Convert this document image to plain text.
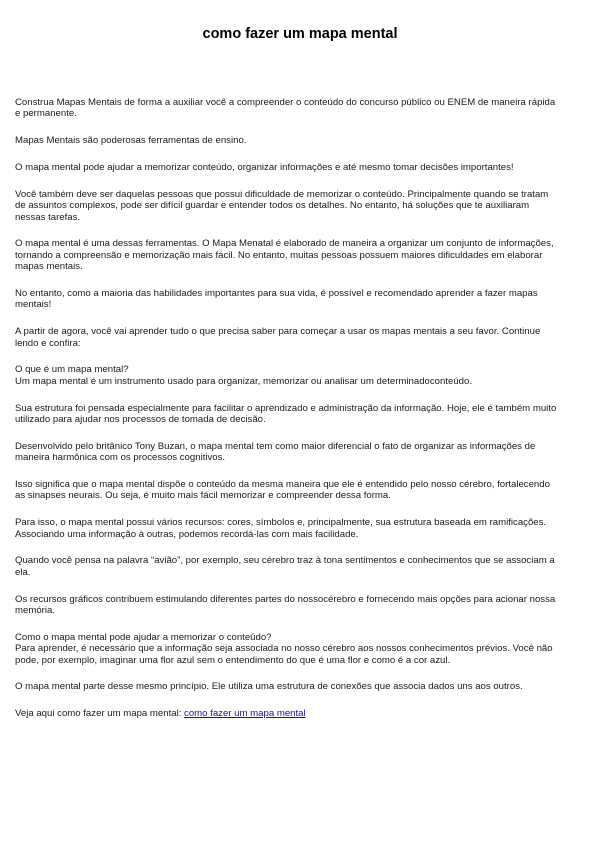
como fazer um mapa mental

Construa Mapas Mentais de forma a auxiliar você a compreender o conteúdo do concurso público ou ENEM de maneira rápida
e permanente.

Mapas Mentais são poderosas ferramentas de ensino.

O mapa mental pode ajudar a memorizar conteúdo, organizar informações e até mesmo tomar decisões importantes!

Você também deve ser daquelas pessoas que possui dificuldade de memorizar o conteúdo. Principalmente quando se tratam
de assuntos complexos, pode ser difícil guardar e entender todos os detalhes. No entanto, há soluções que te auxiliaram
nessas tarefas.

O mapa mental é uma dessas ferramentas. O Mapa Menatal é elaborado de maneira a organizar um conjunto de informações,
tornando a compreensão e memorização mais fácil. No entanto, muitas pessoas possuem maiores dificuldades em elaborar
mapas mentais.

No entanto, como a maioria das habilidades importantes para sua vida, é possível e recomendado aprender a fazer mapas
mentais!

A partir de agora, você vai aprender tudo o que precisa saber para começar a usar os mapas mentais a seu favor. Continue
lendo e confira:

O que é um mapa mental?
Um mapa mental é um instrumento usado para organizar, memorizar ou analisar um determinadoconteúdo.

Sua estrutura foi pensada especialmente para facilitar o aprendizado e administração da informação. Hoje, ele é também muito
utilizado para ajudar nos processos de tomada de decisão.

Desenvolvido pelo britânico Tony Buzan, o mapa mental tem como maior diferencial o fato de organizar as informações de
maneira harmônica com os processos cognitivos.

Isso significa que o mapa mental dispõe o conteúdo da mesma maneira que ele é entendido pelo nosso cérebro, fortalecendo
as sinapses neurais. Ou seja, é muito mais fácil memorizar e compreender dessa forma.

Para isso, o mapa mental possui vários recursos: cores, símbolos e, principalmente, sua estrutura baseada em ramificações.
Associando uma informação à outras, podemos recordá-las com mais facilidade.

Quando você pensa na palavra “avião”, por exemplo, seu cérebro traz à tona sentimentos e conhecimentos que se associam a
ela.

Os recursos gráficos contribuem estimulando diferentes partes do nossocérebro e fornecendo mais opções para acionar nossa
memória.

Como o mapa mental pode ajudar a memorizar o conteúdo?
Para aprender, é necessário que a informação seja associada no nosso cérebro aos nossos conhecimentos prévios. Você não
pode, por exemplo, imaginar uma flor azul sem o entendimento do que é uma flor e como é a cor azul.

O mapa mental parte desse mesmo princípio. Ele utiliza uma estrutura de conexões que associa dados uns aos outros.

Veja aqui como fazer um mapa mental: como fazer um mapa mental
